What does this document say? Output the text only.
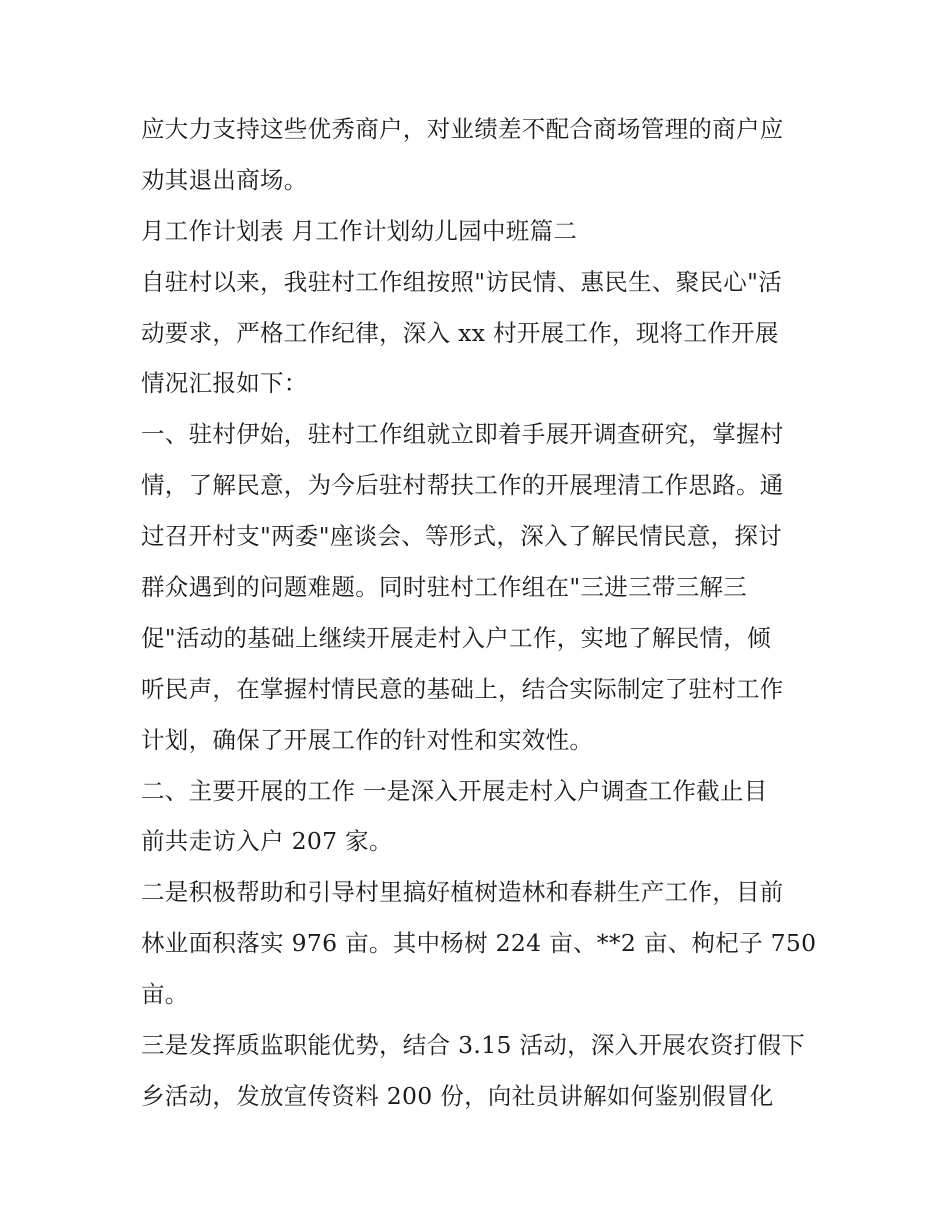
应大力支持这些优秀商户，对业绩差不配合商场管理的商户应
劝其退出商场。
月工作计划表 月工作计划幼儿园中班篇二
自驻村以来，我驻村工作组按照"访民情、惠民生、聚民心"活
动要求，严格工作纪律，深入 xx 村开展工作，现将工作开展
情况汇报如下：
一、驻村伊始，驻村工作组就立即着手展开调查研究，掌握村
情，了解民意，为今后驻村帮扶工作的开展理清工作思路。通
过召开村支"两委"座谈会、等形式，深入了解民情民意，探讨
群众遇到的问题难题。同时驻村工作组在"三进三带三解三
促"活动的基础上继续开展走村入户工作，实地了解民情，倾
听民声，在掌握村情民意的基础上，结合实际制定了驻村工作
计划，确保了开展工作的针对性和实效性。
二、主要开展的工作 一是深入开展走村入户调查工作截止目
前共走访入户 207 家。
二是积极帮助和引导村里搞好植树造林和春耕生产工作，目前
林业面积落实 976 亩。其中杨树 224 亩、**2 亩、枸杞子 750
亩。
三是发挥质监职能优势，结合 3.15 活动，深入开展农资打假下
乡活动，发放宣传资料 200 份，向社员讲解如何鉴别假冒化
